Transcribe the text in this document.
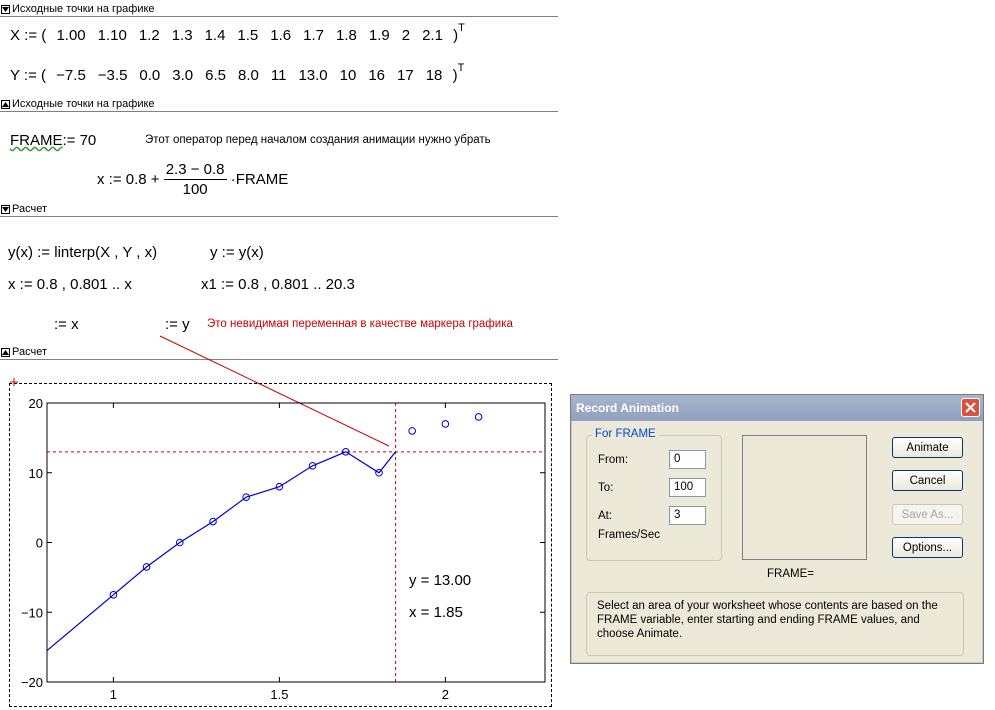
Исходные точки на графике
Исходные точки на графике
Расчет
Расчет
X := ( 1.00 1.10 1.2 1.3 1.4 1.5 1.6 1.7 1.8 1.9 2 2.1 )T
Y := ( −7.5 −3.5 0.0 3.0 6.5 8.0 11 13.0 10 16 17 18 )T
FRAME:= 70	Этот оператор перед началом создания анимации нужно убрать
x := $0.8 + \frac{2.3 - 0.8}{100}$ ·FRAME
y(x) := linterp(X , Y , x)	y := y(x)
x := 0.8 , 0.801 .. x	x1 := 0.8 , 0.801 .. 20.3
:= x	:= y Это невидимая переменная в качестве маркера графика
1	1.5	2
20
10
0
−10
−20
y = 13.00
x = 1.85
Record Animation
For FRAME
From:	0
To:	100
At:	3
Frames/Sec
FRAME=
Animate
Cancel
Save As...
Options...
Select an area of your worksheet whose contents are based on the FRAME variable, enter starting and ending FRAME values, and choose Animate.
